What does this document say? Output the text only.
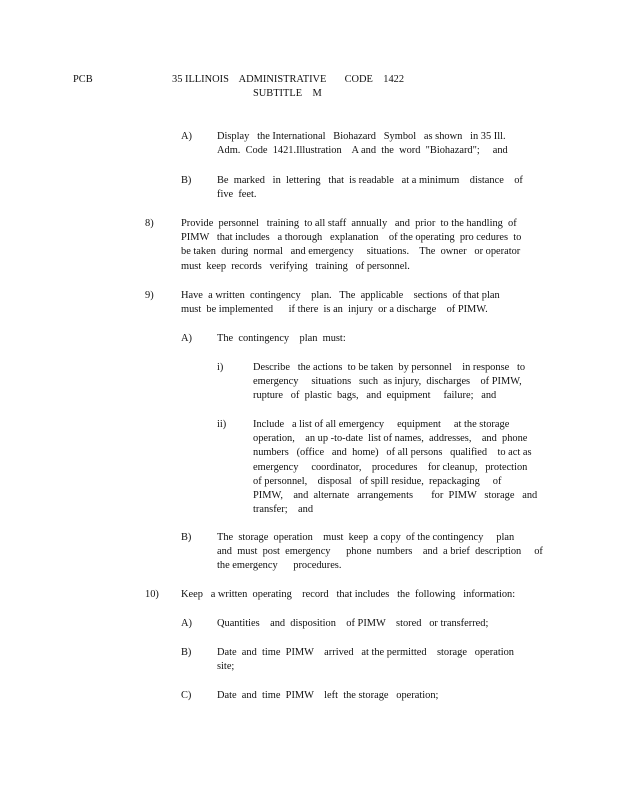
PCB	35 ILLINOIS    ADMINISTRATIVE       CODE    1422
SUBTITLE    M
A) Display   the International   Biohazard   Symbol   as shown   in 35 Ill.
Adm.  Code  1421.Illustration    A and  the  word  "Biohazard";     and
B) Be  marked   in  lettering   that  is readable   at a minimum    distance    of
five  feet.
8)	Provide  personnel   training  to all staff  annually   and  prior  to the handling  of
PIMW   that includes   a thorough   explanation    of the operating  pro cedures  to
be taken  during  normal   and emergency     situations.    The  owner   or operator
must  keep  records   verifying   training   of personnel.
9)	Have  a written  contingency    plan.   The  applicable    sections  of that plan
must  be implemented      if there  is an  injury  or a discharge    of PIMW.
A) The  contingency    plan  must:
i)	Describe   the actions  to be taken  by personnel    in response   to
emergency     situations   such  as injury,  discharges    of PIMW,
rupture   of  plastic  bags,   and  equipment     failure;   and
ii)	Include   a list of all emergency     equipment     at the storage
operation,    an up -to-date  list of names,  addresses,    and  phone
numbers   (office   and  home)   of all persons   qualified    to act as
emergency     coordinator,    procedures    for cleanup,   protection
of personnel,    disposal   of spill residue,  repackaging     of
PIMW,    and  alternate   arrangements       for  PIMW   storage   and
transfer;    and
B) The  storage  operation    must  keep  a copy  of the contingency     plan
and  must  post  emergency      phone  numbers    and  a brief  description     of
the emergency      procedures.
10) Keep   a written  operating    record   that includes   the  following   information:
A) Quantities    and  disposition    of PIMW    stored   or transferred;
B) Date  and  time  PIMW    arrived   at the permitted    storage   operation
site;
C) Date  and  time  PIMW    left  the storage   operation;
